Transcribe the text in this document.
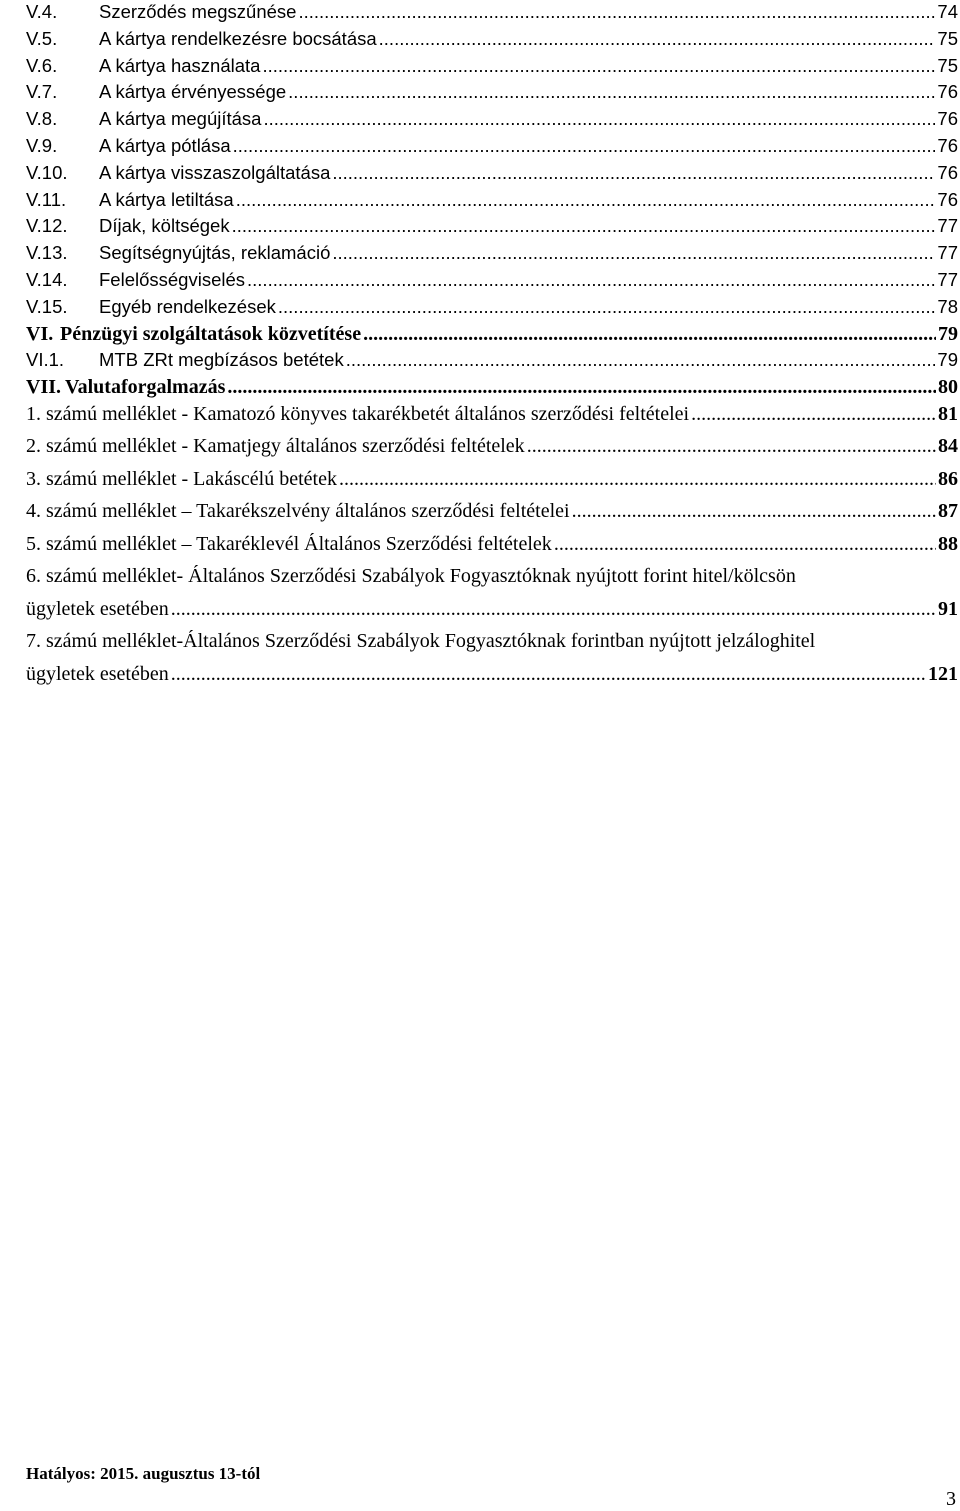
V.4.	Szerződés megszűnése .....	74
V.5.	A kártya rendelkezésre bocsátása .....	75
V.6.	A kártya használata .....	75
V.7.	A kártya érvényessége .....	76
V.8.	A kártya megújítása .....	76
V.9.	A kártya pótlása .....	76
V.10.	A kártya visszaszolgáltatása .....	76
V.11.	A kártya letiltása .....	76
V.12.	Díjak, költségek .....	77
V.13.	Segítségnyújtás, reklamáció .....	77
V.14.	Felelősségviselés .....	77
V.15.	Egyéb rendelkezések .....	78
VI. Pénzügyi szolgáltatások közvetítése .....	79
VI.1.	MTB ZRt megbízásos betétek .....	79
VII. Valutaforgalmazás .....	80
1. számú melléklet - Kamatozó könyves takarékbetét általános szerződési feltételei .....	81
2. számú melléklet - Kamatjegy általános szerződési feltételek .....	84
3. számú melléklet - Lakáscélú betétek .....	86
4. számú melléklet – Takarékszelvény általános szerződési feltételei .....	87
5. számú melléklet – Takaréklevél Általános Szerződési feltételek .....	88
6. számú melléklet- Általános Szerződési Szabályok Fogyasztóknak nyújtott forint hitel/kölcsön
ügyletek esetében .....	91
7. számú melléklet-Általános Szerződési Szabályok Fogyasztóknak forintban nyújtott jelzáloghitel
ügyletek esetében .....	121
Hatályos: 2015. augusztus 13-tól
3
